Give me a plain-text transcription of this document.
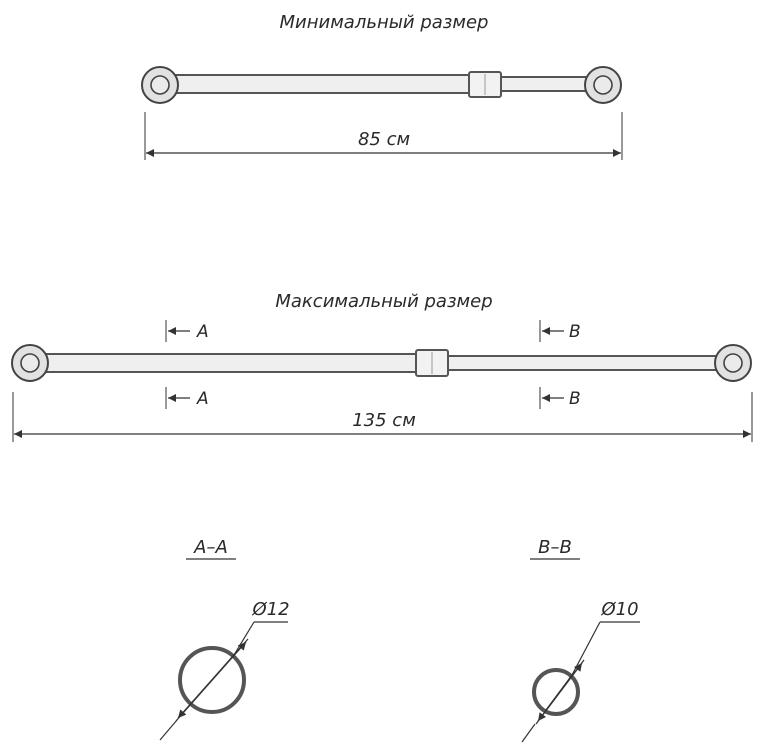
Минимальный размер
85 см
Максимальный размер
A
A
B
B
135 см
A–A
Ø12
B–B
Ø10
